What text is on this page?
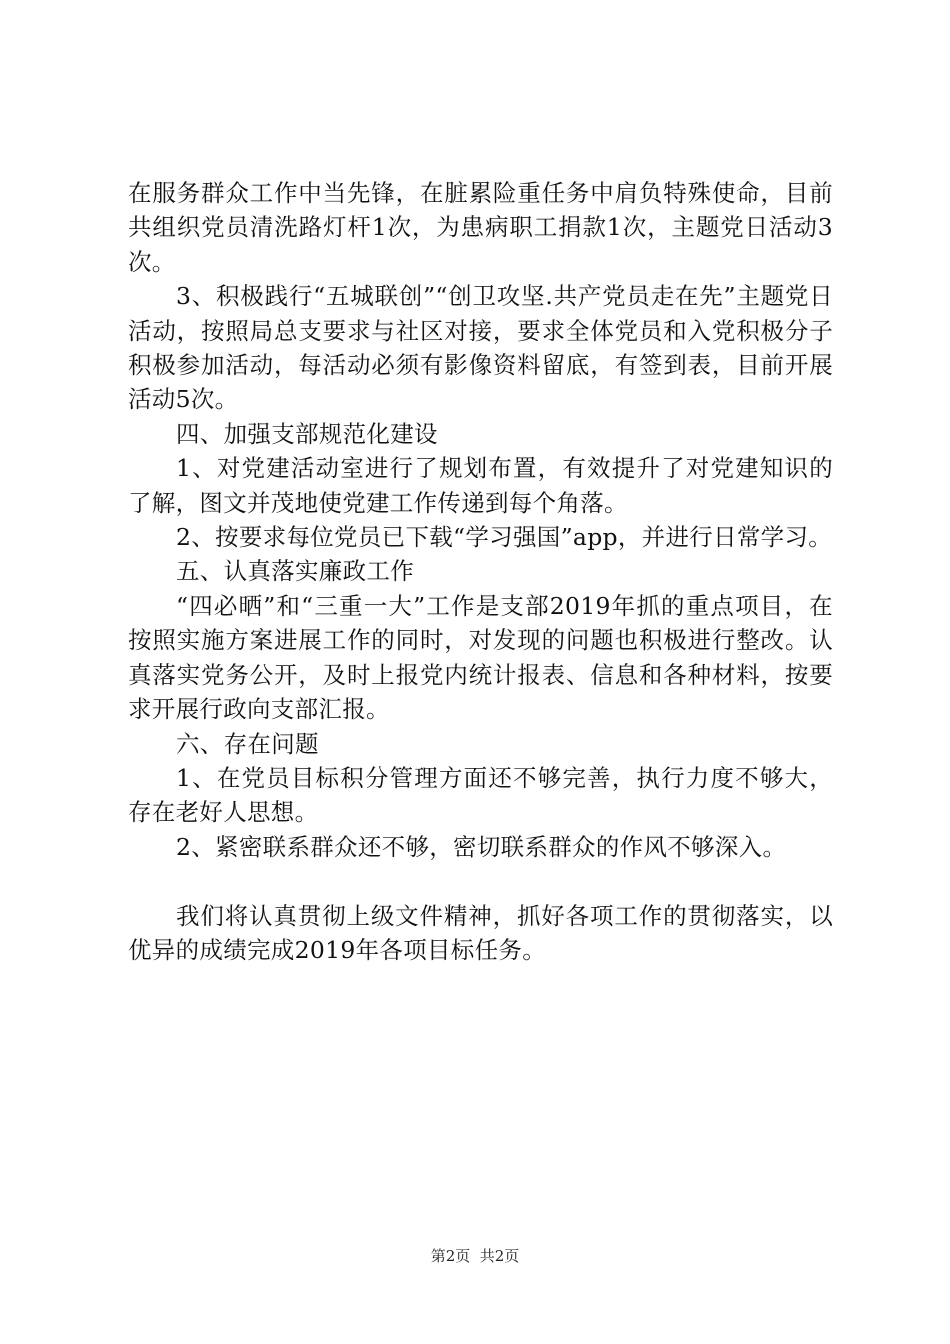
在服务群众工作中当先锋，在脏累险重任务中肩负特殊使命，目前共组织党员清洗路灯杆1次，为患病职工捐款1次，主题党日活动3次。

3、积极践行“五城联创”“创卫攻坚.共产党员走在先”主题党日活动，按照局总支要求与社区对接，要求全体党员和入党积极分子积极参加活动，每活动必须有影像资料留底，有签到表，目前开展活动5次。

四、加强支部规范化建设

1、对党建活动室进行了规划布置，有效提升了对党建知识的了解，图文并茂地使党建工作传递到每个角落。

2、按要求每位党员已下载“学习强国”app，并进行日常学习。

五、认真落实廉政工作

“四必晒”和“三重一大”工作是支部2019年抓的重点项目，在按照实施方案进展工作的同时，对发现的问题也积极进行整改。认真落实党务公开，及时上报党内统计报表、信息和各种材料，按要求开展行政向支部汇报。

六、存在问题

1、在党员目标积分管理方面还不够完善，执行力度不够大，存在老好人思想。

2、紧密联系群众还不够，密切联系群众的作风不够深入。

我们将认真贯彻上级文件精神，抓好各项工作的贯彻落实，以优异的成绩完成2019年各项目标任务。

第2页  共2页
